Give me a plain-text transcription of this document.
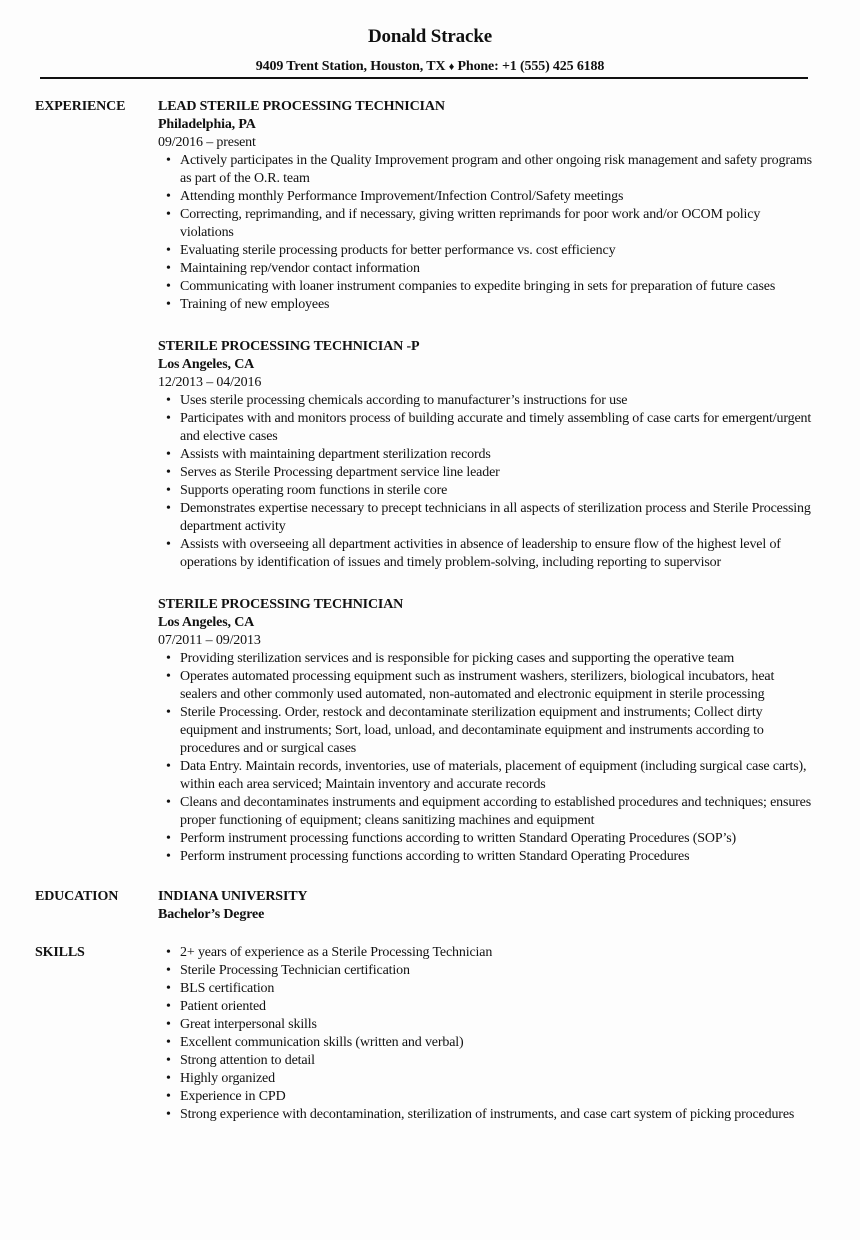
Donald Stracke
9409 Trent Station, Houston, TX ♦ Phone: +1 (555) 425 6188
EXPERIENCE	LEAD STERILE PROCESSING TECHNICIAN
Philadelphia, PA
09/2016 – present
• Actively participates in the Quality Improvement program and other ongoing risk management and safety programs as part of the O.R. team
• Attending monthly Performance Improvement/Infection Control/Safety meetings
• Correcting, reprimanding, and if necessary, giving written reprimands for poor work and/or OCOM policy violations
• Evaluating sterile processing products for better performance vs. cost efficiency
• Maintaining rep/vendor contact information
• Communicating with loaner instrument companies to expedite bringing in sets for preparation of future cases
• Training of new employees
STERILE PROCESSING TECHNICIAN -P
Los Angeles, CA
12/2013 – 04/2016
• Uses sterile processing chemicals according to manufacturer’s instructions for use
• Participates with and monitors process of building accurate and timely assembling of case carts for emergent/urgent and elective cases
• Assists with maintaining department sterilization records
• Serves as Sterile Processing department service line leader
• Supports operating room functions in sterile core
• Demonstrates expertise necessary to precept technicians in all aspects of sterilization process and Sterile Processing department activity
• Assists with overseeing all department activities in absence of leadership to ensure flow of the highest level of operations by identification of issues and timely problem-solving, including reporting to supervisor
STERILE PROCESSING TECHNICIAN
Los Angeles, CA
07/2011 – 09/2013
• Providing sterilization services and is responsible for picking cases and supporting the operative team
• Operates automated processing equipment such as instrument washers, sterilizers, biological incubators, heat sealers and other commonly used automated, non-automated and electronic equipment in sterile processing
• Sterile Processing. Order, restock and decontaminate sterilization equipment and instruments; Collect dirty equipment and instruments; Sort, load, unload, and decontaminate equipment and instruments according to procedures and or surgical cases
• Data Entry. Maintain records, inventories, use of materials, placement of equipment (including surgical case carts), within each area serviced; Maintain inventory and accurate records
• Cleans and decontaminates instruments and equipment according to established procedures and techniques; ensures proper functioning of equipment; cleans sanitizing machines and equipment
• Perform instrument processing functions according to written Standard Operating Procedures (SOP’s)
• Perform instrument processing functions according to written Standard Operating Procedures
EDUCATION	INDIANA UNIVERSITY
Bachelor’s Degree
SKILLS	• 2+ years of experience as a Sterile Processing Technician
• Sterile Processing Technician certification
• BLS certification
• Patient oriented
• Great interpersonal skills
• Excellent communication skills (written and verbal)
• Strong attention to detail
• Highly organized
• Experience in CPD
• Strong experience with decontamination, sterilization of instruments, and case cart system of picking procedures
